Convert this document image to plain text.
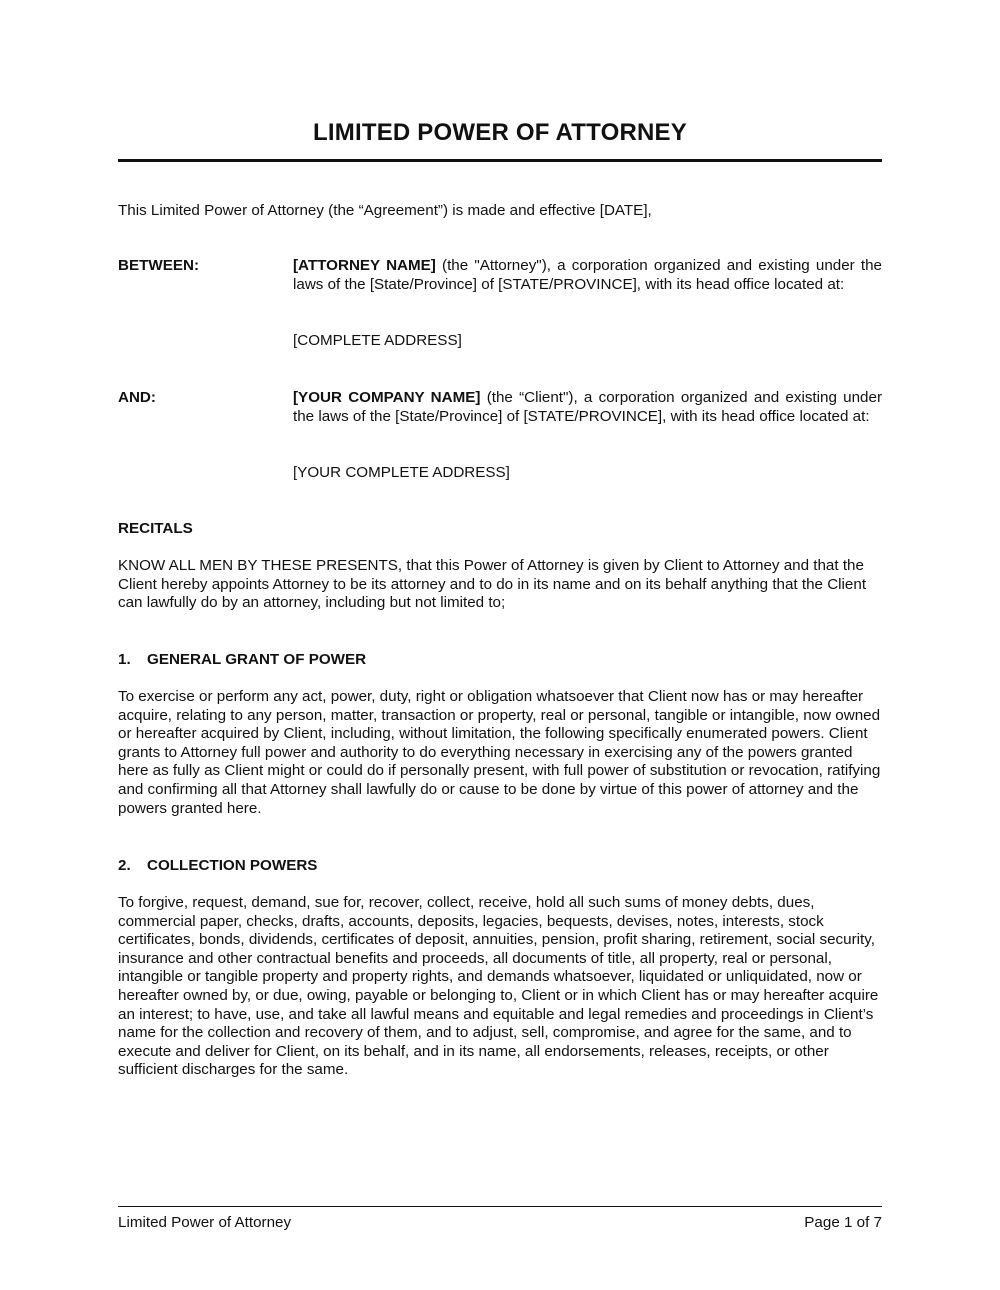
LIMITED POWER OF ATTORNEY
This Limited Power of Attorney (the “Agreement”) is made and effective [DATE],
BETWEEN:	[ATTORNEY NAME] (the "Attorney"), a corporation organized and existing under the laws of the [State/Province] of [STATE/PROVINCE], with its head office located at:
[COMPLETE ADDRESS]
AND:	[YOUR COMPANY NAME] (the “Client"), a corporation organized and existing under the laws of the [State/Province] of [STATE/PROVINCE], with its head office located at:
[YOUR COMPLETE ADDRESS]
RECITALS
KNOW ALL MEN BY THESE PRESENTS, that this Power of Attorney is given by Client to Attorney and that the Client hereby appoints Attorney to be its attorney and to do in its name and on its behalf anything that the Client can lawfully do by an attorney, including but not limited to;
1. GENERAL GRANT OF POWER
To exercise or perform any act, power, duty, right or obligation whatsoever that Client now has or may hereafter acquire, relating to any person, matter, transaction or property, real or personal, tangible or intangible, now owned or hereafter acquired by Client, including, without limitation, the following specifically enumerated powers. Client grants to Attorney full power and authority to do everything necessary in exercising any of the powers granted here as fully as Client might or could do if personally present, with full power of substitution or revocation, ratifying and confirming all that Attorney shall lawfully do or cause to be done by virtue of this power of attorney and the powers granted here.
2. COLLECTION POWERS
To forgive, request, demand, sue for, recover, collect, receive, hold all such sums of money debts, dues, commercial paper, checks, drafts, accounts, deposits, legacies, bequests, devises, notes, interests, stock certificates, bonds, dividends, certificates of deposit, annuities, pension, profit sharing, retirement, social security, insurance and other contractual benefits and proceeds, all documents of title, all property, real or personal, intangible or tangible property and property rights, and demands whatsoever, liquidated or unliquidated, now or hereafter owned by, or due, owing, payable or belonging to, Client or in which Client has or may hereafter acquire an interest; to have, use, and take all lawful means and equitable and legal remedies and proceedings in Client’s name for the collection and recovery of them, and to adjust, sell, compromise, and agree for the same, and to execute and deliver for Client, on its behalf, and in its name, all endorsements, releases, receipts, or other sufficient discharges for the same.
Limited Power of Attorney	Page 1 of 7
